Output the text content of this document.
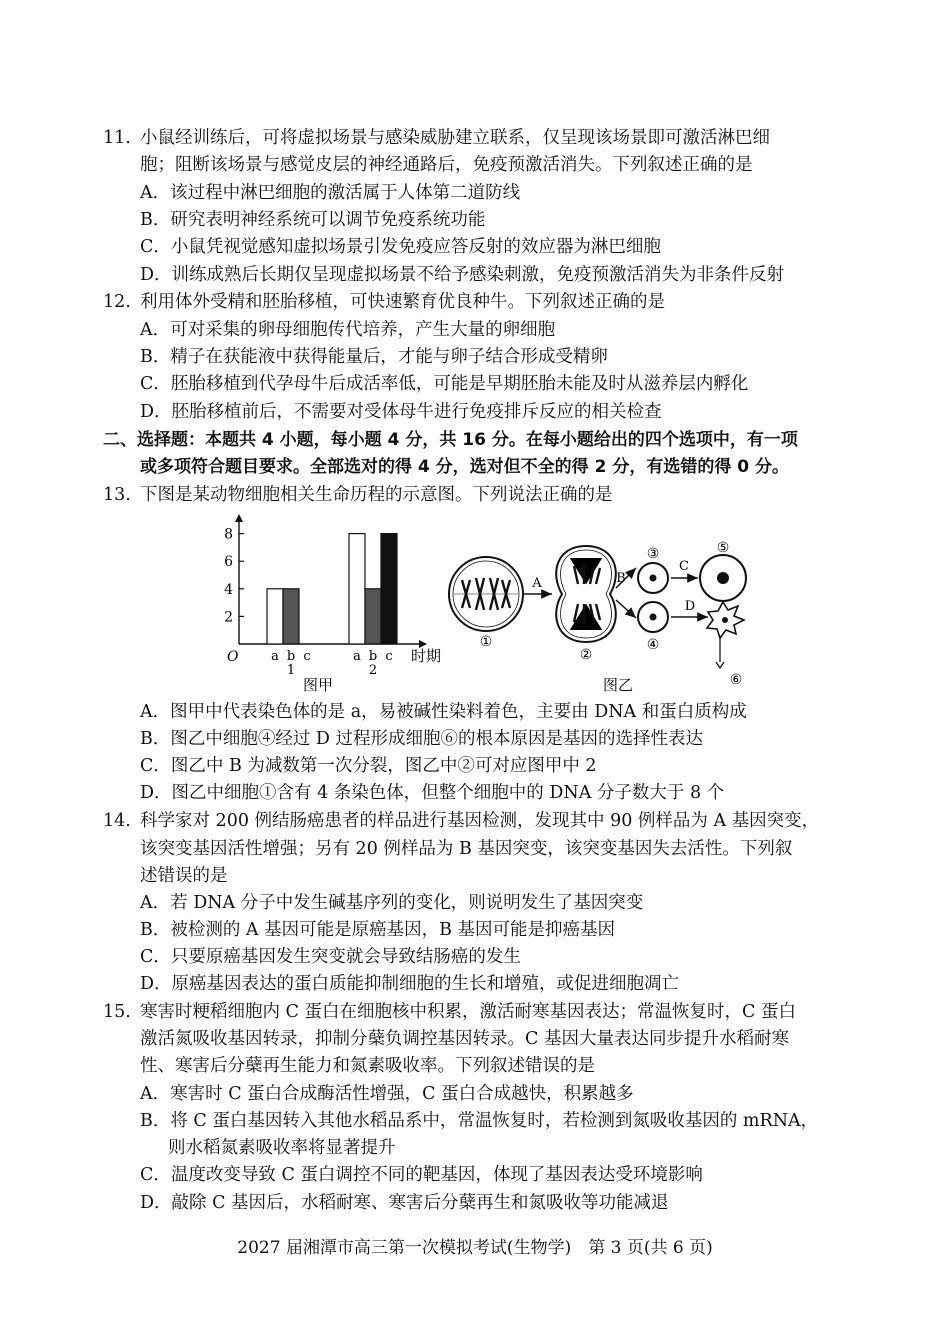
11. 小鼠经训练后，可将虚拟场景与感染威胁建立联系，仅呈现该场景即可激活淋巴细
胞；阻断该场景与感觉皮层的神经通路后，免疫预激活消失。下列叙述正确的是
A．该过程中淋巴细胞的激活属于人体第二道防线
B．研究表明神经系统可以调节免疫系统功能
C．小鼠凭视觉感知虚拟场景引发免疫应答反射的效应器为淋巴细胞
D．训练成熟后长期仅呈现虚拟场景不给予感染刺激，免疫预激活消失为非条件反射
12. 利用体外受精和胚胎移植，可快速繁育优良种牛。下列叙述正确的是
A．可对采集的卵母细胞传代培养，产生大量的卵细胞
B．精子在获能液中获得能量后，才能与卵子结合形成受精卵
C．胚胎移植到代孕母牛后成活率低，可能是早期胚胎未能及时从滋养层内孵化
D．胚胎移植前后，不需要对受体母牛进行免疫排斥反应的相关检查
二、选择题：本题共 4 小题，每小题 4 分，共 16 分。在每小题给出的四个选项中，有一项
或多项符合题目要求。全部选对的得 4 分，选对但不全的得 2 分，有选错的得 0 分。
13. 下图是某动物细胞相关生命历程的示意图。下列说法正确的是
O
2
4
6
8
a b c
1
a b c
2
时期
图甲
①
A
②
B
③
④
C
⑤
D
⑥
图乙
A．图甲中代表染色体的是 a，易被碱性染料着色，主要由 DNA 和蛋白质构成
B．图乙中细胞④经过 D 过程形成细胞⑥的根本原因是基因的选择性表达
C．图乙中 B 为减数第一次分裂，图乙中②可对应图甲中 2
D．图乙中细胞①含有 4 条染色体，但整个细胞中的 DNA 分子数大于 8 个
14. 科学家对 200 例结肠癌患者的样品进行基因检测，发现其中 90 例样品为 A 基因突变，
该突变基因活性增强；另有 20 例样品为 B 基因突变，该突变基因失去活性。下列叙
述错误的是
A．若 DNA 分子中发生碱基序列的变化，则说明发生了基因突变
B．被检测的 A 基因可能是原癌基因，B 基因可能是抑癌基因
C．只要原癌基因发生突变就会导致结肠癌的发生
D．原癌基因表达的蛋白质能抑制细胞的生长和增殖，或促进细胞凋亡
15. 寒害时粳稻细胞内 C 蛋白在细胞核中积累，激活耐寒基因表达；常温恢复时，C 蛋白
激活氮吸收基因转录，抑制分蘖负调控基因转录。C 基因大量表达同步提升水稻耐寒
性、寒害后分蘖再生能力和氮素吸收率。下列叙述错误的是
A．寒害时 C 蛋白合成酶活性增强，C 蛋白合成越快，积累越多
B．将 C 蛋白基因转入其他水稻品系中，常温恢复时，若检测到氮吸收基因的 mRNA，
则水稻氮素吸收率将显著提升
C．温度改变导致 C 蛋白调控不同的靶基因，体现了基因表达受环境影响
D．敲除 C 基因后，水稻耐寒、寒害后分蘖再生和氮吸收等功能减退
2027 届湘潭市高三第一次模拟考试(生物学)　第 3 页(共 6 页)
